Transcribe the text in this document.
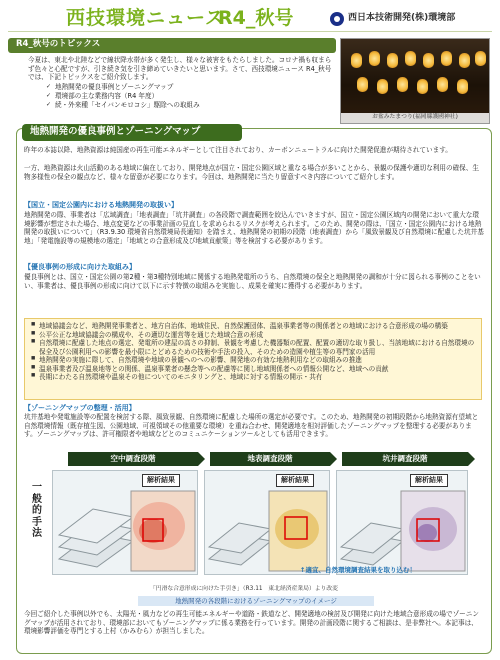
西技環境ニュース
R4_秋号	西日本技術開発(株)環境部
R4_秋号のトピックス

今夏は、東北や北陸などで線状降水帯が多く発生し、様々な被害をもたらしました。コロナ禍も収まらず色々と心配ですが、引き続き気を引き締めていきたいと思います。さて、西技環境ニュース R4_秋号では、下記トピックスをご紹介致します。

✓ 地熱開発の優良事例とゾーニングマップ
✓ 環境部の主な業務内容（R4 年度）
✓ 続・外来種「セイバンモロコシ」駆除への取組み
お盆みたまつり(福岡縣護國神社)
地熱開発の優良事例とゾーニングマップ
昨年の本誌以降、地熱資源は純国産の再生可能エネルギーとして注目されており、カーボンニュートラルに向けた開発促進が期待されています。
一方、地熱資源は火山活動のある地域に偏在しており、開発地点が国立・国定公園区域と重なる場合が多いことから、景観の保護や適切な利用の確保、生物多様性の保全の観点など、様々な留意が必要になります。今回は、地熱開発に当たり留意すべき内容についてご紹介します。
【国立・国定公園内における地熱開発の取扱い】
地熱開発の際、事業者は「広域調査」「地表調査」「坑井調査」の各段階で調査範囲を絞込んでいきますが、国立・国定公園区域内の開発において重大な環境影響が想定された場合、地点変更などの事業計画の見直しを求められるリスクが考えられます。このため、開発の際は、「国立・国定公園内における地熱開発の取扱いについて」（R3.9.30 環境省自然環境局長通知）を踏まえ、地熱開発の初期の段階（地表調査）から「風致景観及び自然環境に配慮した坑井基地」「発電施設等の規模地の選定」「地域との合意形成及び地域貢献策」等を検討する必要があります。
【優良事例の形成に向けた取組み】
優良事例とは、国立・国定公園の第2種・第3種特別地域に関係する地熱発電所のうち、自然環境の保全と地熱開発の調和が十分に図られる事例のことをいい、事業者は、優良事例の形成に向けて以下に示す特徴の取組みを実施し、成果を確実に獲得する必要があります。
■ 地域協議会など、地熱開発事業者と、地方自治体、地域住民、自然保護団体、温泉事業者等の関係者との地域における合意形成の場の構築
■ 公平公正な地域協議会の構成や、その適切な運営等を通じた地域合意の形成
■ 自然環境に配慮した地点の選定、発電所の建屋の高さの抑制、景観を考慮した機器類の配置、配置の適切な取り扱し、当該地域における自然環境の保全及び公園利用への影響を最小限にとどめるための技術や手法の投入、そのための造園や植生等の専門家の活用
■ 地熱開発の実施に際して、自然環境や地域の景観へのへの影響、開発地の有効な地熱利用などの取組みの推進
■ 温泉事業者及び温泉地等との関係、温泉事業者の懸念等への配慮等に関し地域関係者への情報公開など、地域への貢献
■ 長期にわたる自然環境や温泉その他についてのモニタリングと、地域に対する情報の開示・共有
【ゾーニングマップの整理・活用】
坑井基地や発電施設等の配置を検討する際、風致景観、自然環境に配慮した場所の選定が必要です。このため、地熱開発の初期段階から地熱資源有望域と自然環境情報（既存植生図、公園地域、可視領域その他重要な環境）を重ね合わせ、開発適地を相対評価したゾーニングマップを整理する必要があります。ゾーニングマップは、許可権限者や地域などとのコミュニケーションツールとしても活用できます。
空中調査段階	地表調査段階	坑井調査段階
解析結果	解析結果	解析結果
一般的手法
↑適宜、自然環境調査結果を取り込む！
「円滑な合意形成に向けた手引き」（R3.11　東北経済産業局）より改変
地熱開発の各段階におけるゾーニングマップのイメージ
今回ご紹介した事例以外でも、太陽光・風力などの再生可能エネルギーや道路・鉄道など、開発適地の検討及び開発に向けた地域合意形成の場でゾーニングマップが活用されており、環境部においてもゾーニングマップに係る業務を行っています。開発の計画段階に関するご相談は、是非弊社へ。本記事は、環境影響評価を専門とする上村（かみむら）が担当しました。
